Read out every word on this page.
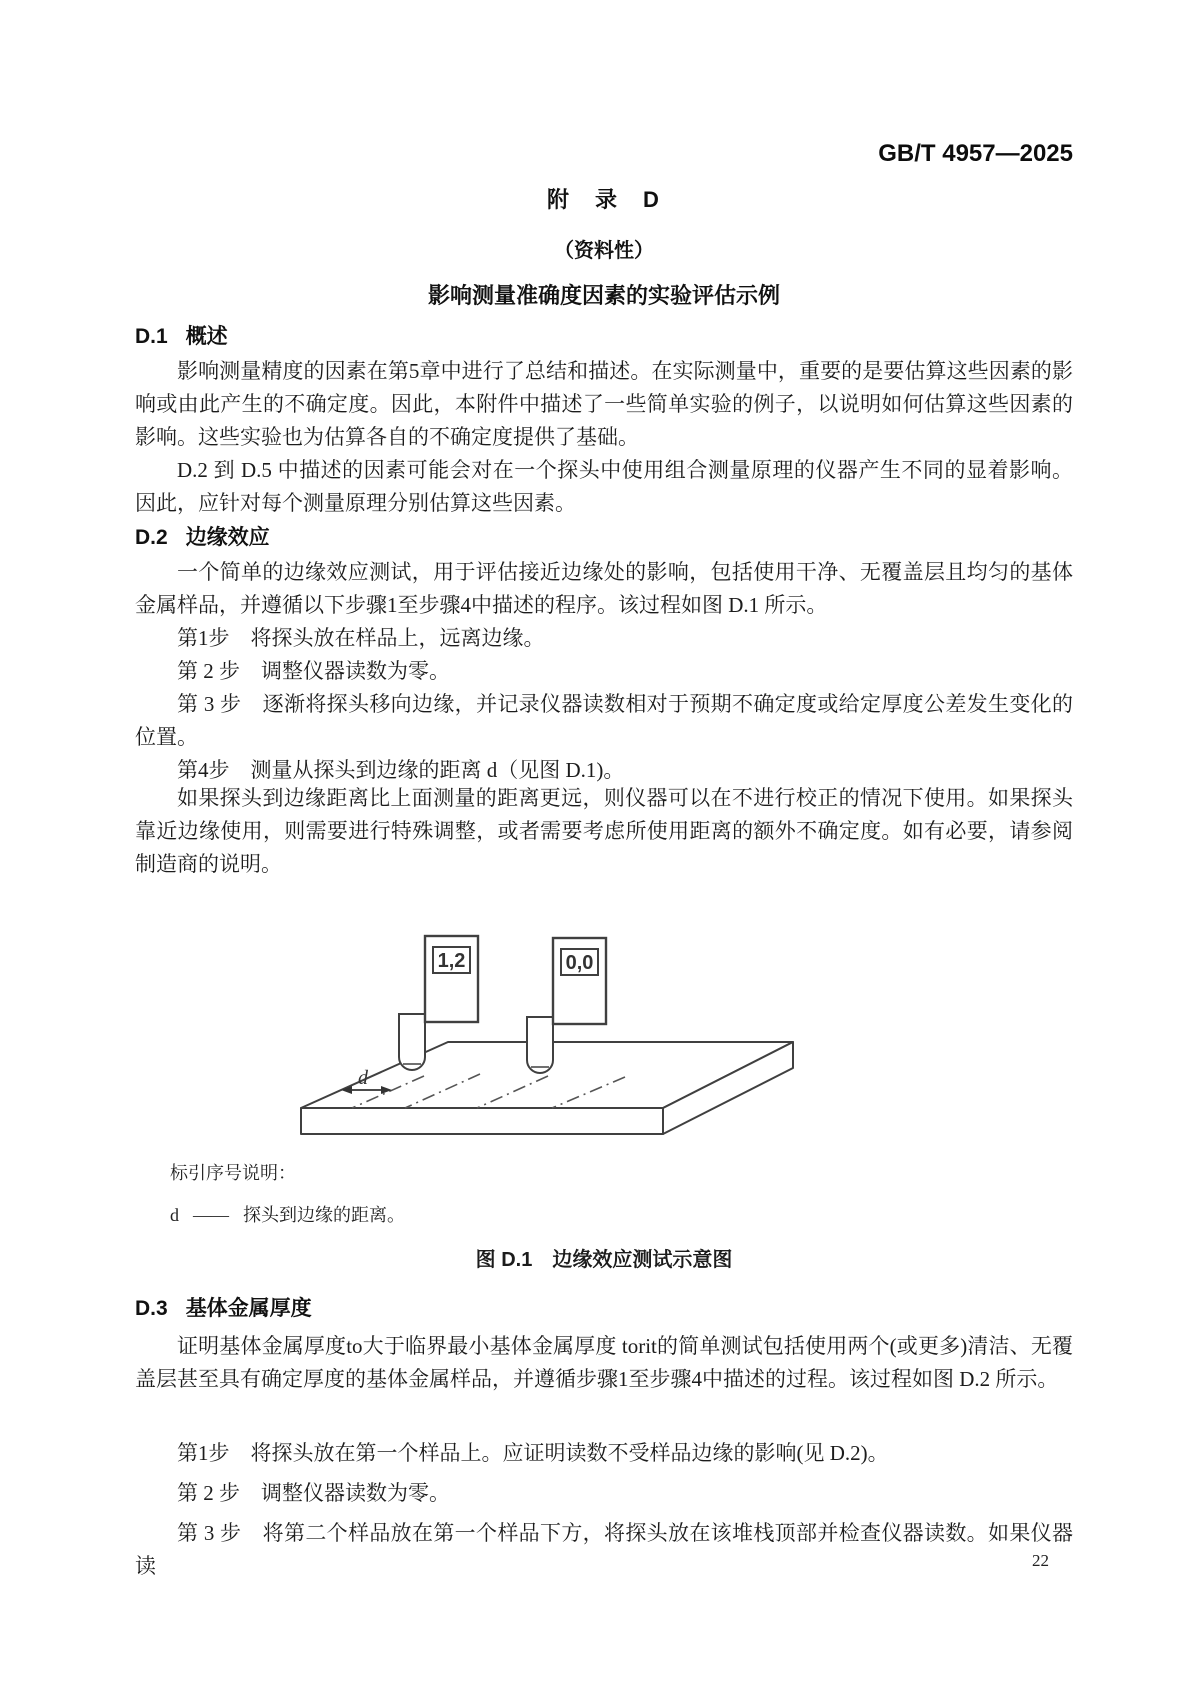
GB/T 4957—2025
附　录　D
（资料性）
影响测量准确度因素的实验评估示例
D.1 概述

影响测量精度的因素在第5章中进行了总结和描述。在实际测量中，重要的是要估算这些因素的影响或由此产生的不确定度。因此，本附件中描述了一些简单实验的例子，以说明如何估算这些因素的影响。这些实验也为估算各自的不确定度提供了基础。

D.2 到 D.5 中描述的因素可能会对在一个探头中使用组合测量原理的仪器产生不同的显着影响。因此，应针对每个测量原理分别估算这些因素。

D.2 边缘效应

一个简单的边缘效应测试，用于评估接近边缘处的影响，包括使用干净、无覆盖层且均匀的基体金属样品，并遵循以下步骤1至步骤4中描述的程序。该过程如图 D.1 所示。

第1步　将探头放在样品上，远离边缘。

第 2 步　调整仪器读数为零。

第 3 步　逐渐将探头移向边缘，并记录仪器读数相对于预期不确定度或给定厚度公差发生变化的位置。

第4步　测量从探头到边缘的距离 d（见图 D.1)。

如果探头到边缘距离比上面测量的距离更远，则仪器可以在不进行校正的情况下使用。如果探头靠近边缘使用，则需要进行特殊调整，或者需要考虑所使用距离的额外不确定度。如有必要，请参阅制造商的说明。

d
1,2	0,0
标引序号说明：
d —— 探头到边缘的距离。
图 D.1　边缘效应测试示意图
D.3 基体金属厚度

证明基体金属厚度to大于临界最小基体金属厚度 torit的简单测试包括使用两个(或更多)清洁、无覆盖层甚至具有确定厚度的基体金属样品，并遵循步骤1至步骤4中描述的过程。该过程如图 D.2 所示。

第1步　将探头放在第一个样品上。应证明读数不受样品边缘的影响(见 D.2)。

第 2 步　调整仪器读数为零。

第 3 步　将第二个样品放在第一个样品下方，将探头放在该堆栈顶部并检查仪器读数。如果仪器读	22
